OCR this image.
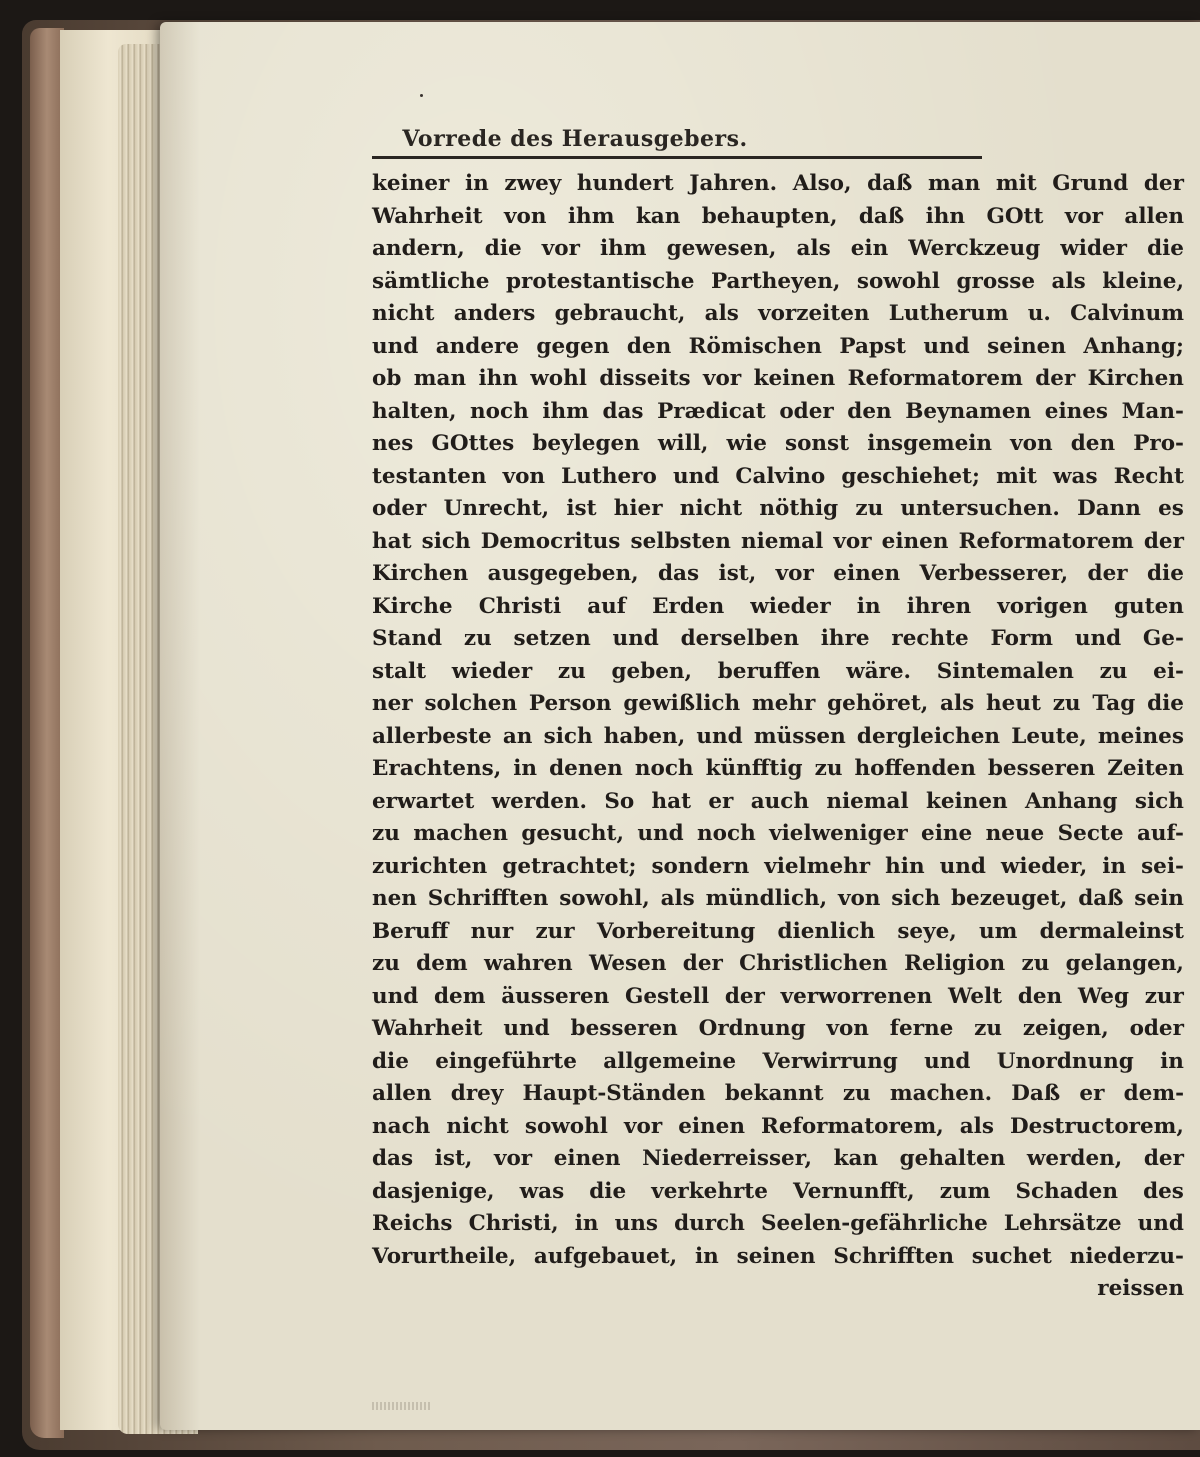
Vorrede des Herausgebers.
keiner in zwey hundert Jahren. Also, daß man mit Grund der
Wahrheit von ihm kan behaupten, daß ihn GOtt vor allen
andern, die vor ihm gewesen, als ein Werckzeug wider die
sämtliche protestantische Partheyen, sowohl grosse als kleine,
nicht anders gebraucht, als vorzeiten Lutherum u. Calvinum
und andere gegen den Römischen Papst und seinen Anhang;
ob man ihn wohl disseits vor keinen Reformatorem der Kirchen
halten, noch ihm das Prædicat oder den Beynamen eines Man-
nes GOttes beylegen will, wie sonst insgemein von den Pro-
testanten von Luthero und Calvino geschiehet; mit was Recht
oder Unrecht, ist hier nicht nöthig zu untersuchen. Dann es
hat sich Democritus selbsten niemal vor einen Reformatorem der
Kirchen ausgegeben, das ist, vor einen Verbesserer, der die
Kirche Christi auf Erden wieder in ihren vorigen guten
Stand zu setzen und derselben ihre rechte Form und Ge-
stalt wieder zu geben, beruffen wäre. Sintemalen zu ei-
ner solchen Person gewißlich mehr gehöret, als heut zu Tag die
allerbeste an sich haben, und müssen dergleichen Leute, meines
Erachtens, in denen noch künfftig zu hoffenden besseren Zeiten
erwartet werden. So hat er auch niemal keinen Anhang sich
zu machen gesucht, und noch vielweniger eine neue Secte auf-
zurichten getrachtet; sondern vielmehr hin und wieder, in sei-
nen Schrifften sowohl, als mündlich, von sich bezeuget, daß sein
Beruff nur zur Vorbereitung dienlich seye, um dermaleinst
zu dem wahren Wesen der Christlichen Religion zu gelangen,
und dem äusseren Gestell der verworrenen Welt den Weg zur
Wahrheit und besseren Ordnung von ferne zu zeigen, oder
die eingeführte allgemeine Verwirrung und Unordnung in
allen drey Haupt-Ständen bekannt zu machen. Daß er dem-
nach nicht sowohl vor einen Reformatorem, als Destructorem,
das ist, vor einen Niederreisser, kan gehalten werden, der
dasjenige, was die verkehrte Vernunfft, zum Schaden des
Reichs Christi, in uns durch Seelen-gefährliche Lehrsätze und
Vorurtheile, aufgebauet, in seinen Schrifften suchet niederzu-
reissen
